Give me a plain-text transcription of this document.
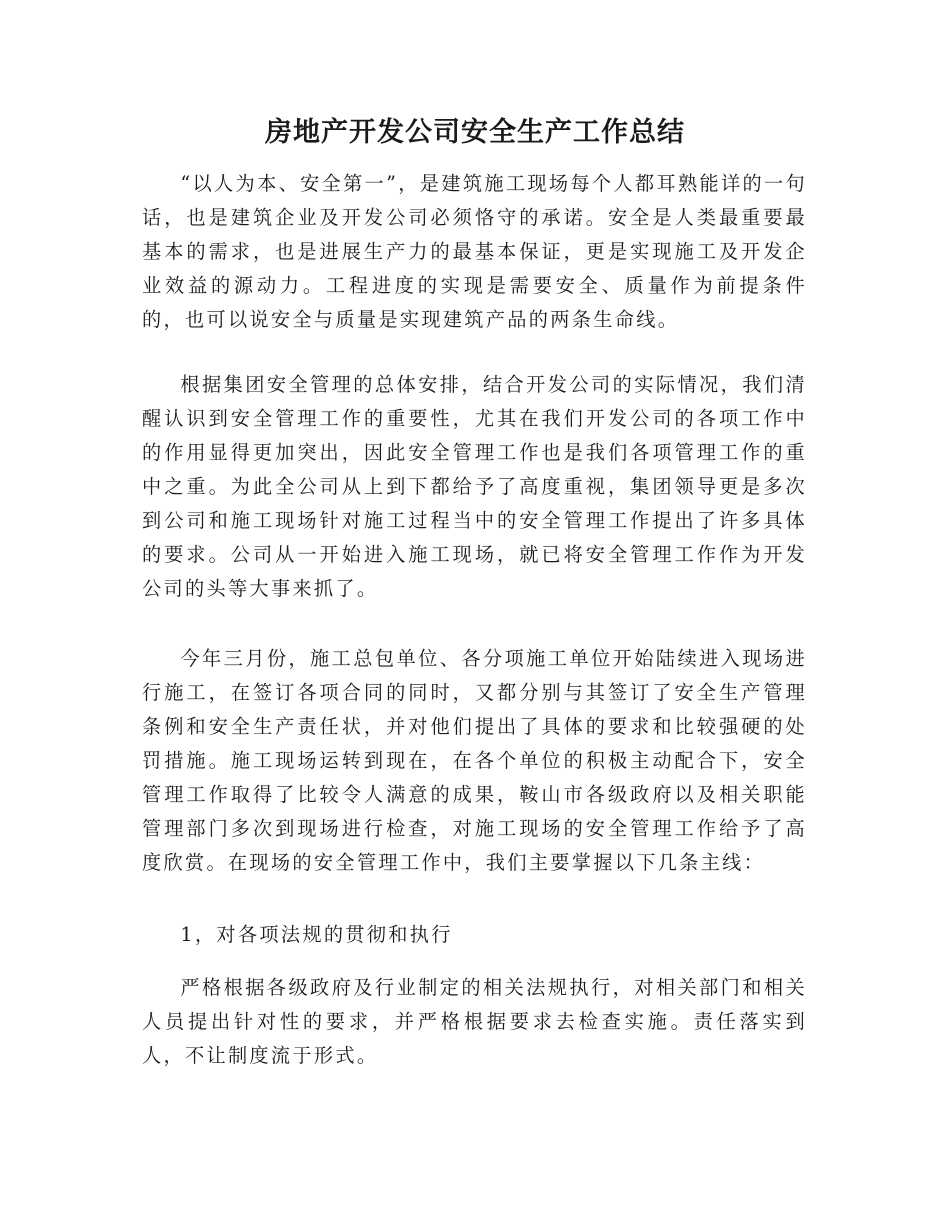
房地产开发公司安全生产工作总结

“以人为本、安全第一”，是建筑施工现场每个人都耳熟能详的一句话，也是建筑企业及开发公司必须恪守的承诺。安全是人类最重要最基本的需求，也是进展生产力的最基本保证，更是实现施工及开发企业效益的源动力。工程进度的实现是需要安全、质量作为前提条件的，也可以说安全与质量是实现建筑产品的两条生命线。

根据集团安全管理的总体安排，结合开发公司的实际情况，我们清醒认识到安全管理工作的重要性，尤其在我们开发公司的各项工作中的作用显得更加突出，因此安全管理工作也是我们各项管理工作的重中之重。为此全公司从上到下都给予了高度重视，集团领导更是多次到公司和施工现场针对施工过程当中的安全管理工作提出了许多具体的要求。公司从一开始进入施工现场，就已将安全管理工作作为开发公司的头等大事来抓了。

今年三月份，施工总包单位、各分项施工单位开始陆续进入现场进行施工，在签订各项合同的同时，又都分别与其签订了安全生产管理条例和安全生产责任状，并对他们提出了具体的要求和比较强硬的处罚措施。施工现场运转到现在，在各个单位的积极主动配合下，安全管理工作取得了比较令人满意的成果，鞍山市各级政府以及相关职能管理部门多次到现场进行检查，对施工现场的安全管理工作给予了高度欣赏。在现场的安全管理工作中，我们主要掌握以下几条主线：

1，对各项法规的贯彻和执行

严格根据各级政府及行业制定的相关法规执行，对相关部门和相关人员提出针对性的要求，并严格根据要求去检查实施。责任落实到人，不让制度流于形式。
